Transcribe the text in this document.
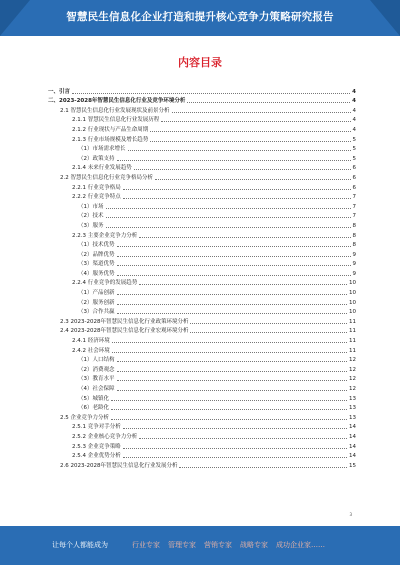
智慧民生信息化企业打造和提升核心竞争力策略研究报告
内容目录
一、引言	4
二、2023-2028年智慧民生信息化行业及竞争环境分析	4
2.1 智慧民生信息化行业发展现状及前景分析	4
2.1.1 智慧民生信息化行业发展历程	4
2.1.2 行业现状与产品生命周期	4
2.1.3 行业市场规模及增长趋势	5
（1）市场需求增长	5
（2）政策支持	5
2.1.4 未来行业发展趋势	6
2.2 智慧民生信息化行业竞争格局分析	6
2.2.1 行业竞争格局	6
2.2.2 行业竞争特点	7
（1）市场	7
（2）技术	7
（3）服务	8
2.2.3 主要企业竞争力分析	8
（1）技术优势	8
（2）品牌优势	9
（3）渠道优势	9
（4）服务优势	9
2.2.4 行业竞争的发展趋势	10
（1）产品创新	10
（2）服务创新	10
（3）合作共赢	10
2.3 2023-2028年智慧民生信息化行业政策环境分析	11
2.4 2023-2028年智慧民生信息化行业宏观环境分析	11
2.4.1 经济环境	11
2.4.2 社会环境	11
（1）人口结构	12
（2）消费观念	12
（3）教育水平	12
（4）社会保障	12
（5）城镇化	13
（6）老龄化	13
2.5 企业竞争力分析	13
2.5.1 竞争对手分析	14
2.5.2 企业核心竞争力分析	14
2.5.3 企业竞争策略	14
2.5.4 企业优势分析	14
2.6 2023-2028年智慧民生信息化行业发展分析	15
3
让每个人都能成为	行业专家 管理专家 营销专家 战略专家 成功企业家……
